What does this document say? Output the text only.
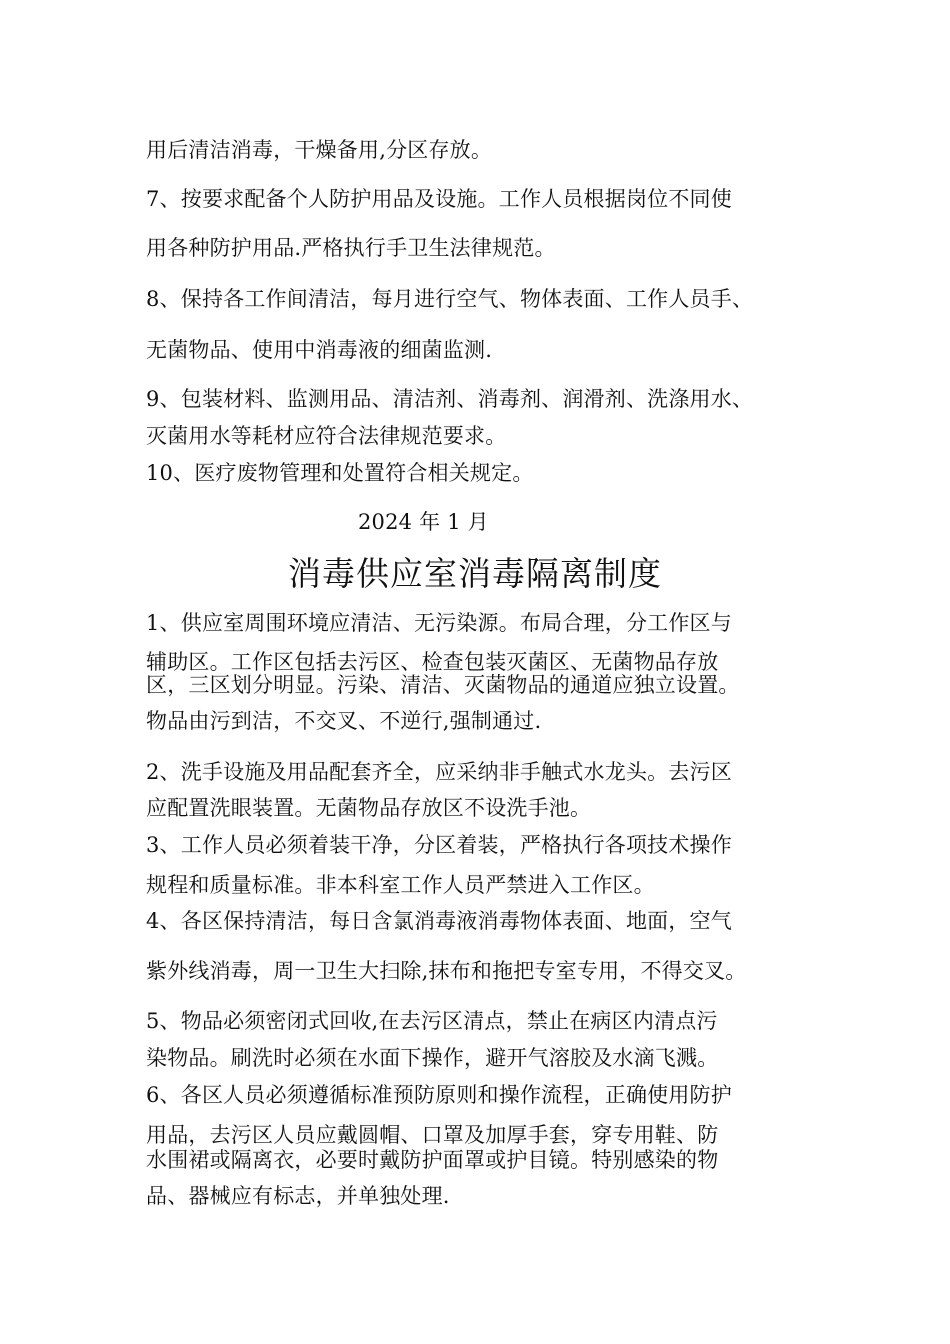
用后清洁消毒，干燥备用,分区存放。
7、按要求配备个人防护用品及设施。工作人员根据岗位不同使
用各种防护用品.严格执行手卫生法律规范。
8、保持各工作间清洁，每月进行空气、物体表面、工作人员手、
无菌物品、使用中消毒液的细菌监测.
9、包装材料、监测用品、清洁剂、消毒剂、润滑剂、洗涤用水、
灭菌用水等耗材应符合法律规范要求。
10、医疗废物管理和处置符合相关规定。
2024 年 1 月
消毒供应室消毒隔离制度
1、供应室周围环境应清洁、无污染源。布局合理，分工作区与
辅助区。工作区包括去污区、检查包装灭菌区、无菌物品存放
区，三区划分明显。污染、清洁、灭菌物品的通道应独立设置。
物品由污到洁，不交叉、不逆行,强制通过.
2、洗手设施及用品配套齐全，应采纳非手触式水龙头。去污区
应配置洗眼装置。无菌物品存放区不设洗手池。
3、工作人员必须着装干净，分区着装，严格执行各项技术操作
规程和质量标准。非本科室工作人员严禁进入工作区。
4、各区保持清洁，每日含氯消毒液消毒物体表面、地面，空气
紫外线消毒，周一卫生大扫除,抹布和拖把专室专用，不得交叉。
5、物品必须密闭式回收,在去污区清点，禁止在病区内清点污
染物品。刷洗时必须在水面下操作，避开气溶胶及水滴飞溅。
6、各区人员必须遵循标准预防原则和操作流程，正确使用防护
用品，去污区人员应戴圆帽、口罩及加厚手套，穿专用鞋、防
水围裙或隔离衣，必要时戴防护面罩或护目镜。特别感染的物
品、器械应有标志，并单独处理.
